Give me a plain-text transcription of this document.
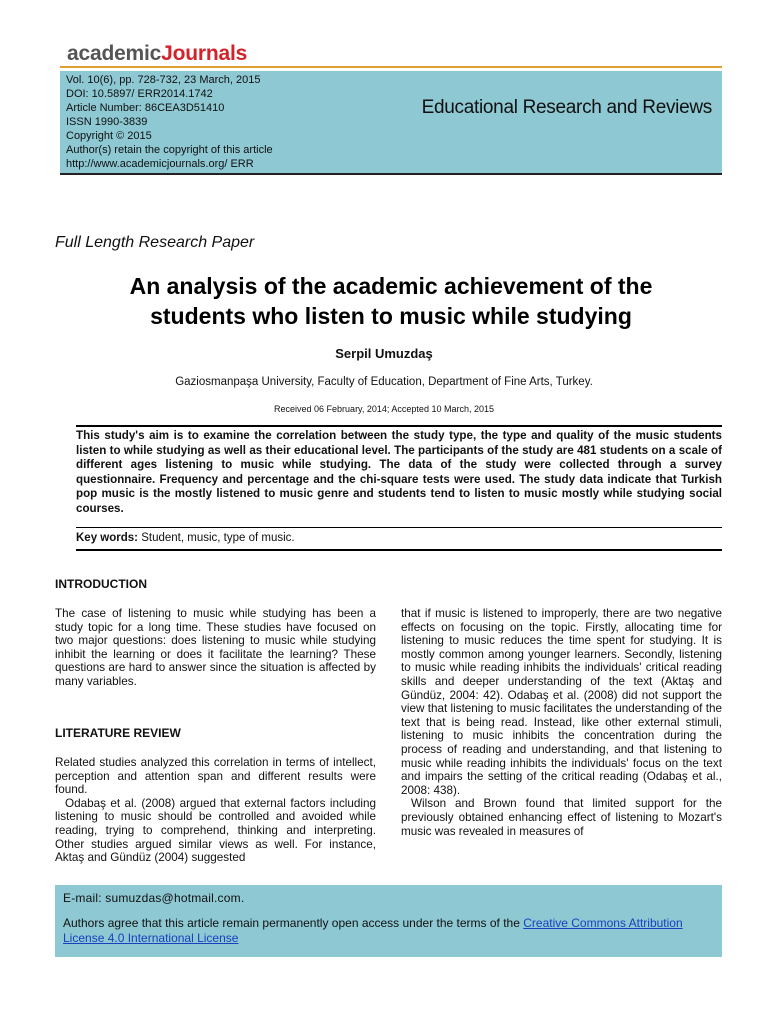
academicJournals
Vol. 10(6), pp. 728-732, 23 March, 2015
DOI: 10.5897/ ERR2014.1742
Article Number: 86CEA3D51410
ISSN 1990-3839
Copyright © 2015
Author(s) retain the copyright of this article
http://www.academicjournals.org/ ERR
Educational Research and Reviews
Full Length Research Paper
An analysis of the academic achievement of the
students who listen to music while studying
Serpil Umuzdaş
Gaziosmanpaşa University, Faculty of Education, Department of Fine Arts, Turkey.
Received 06 February, 2014; Accepted 10 March, 2015
This study's aim is to examine the correlation between the study type, the type and quality of the music students listen to while studying as well as their educational level. The participants of the study are 481 students on a scale of different ages listening to music while studying. The data of the study were collected through a survey questionnaire. Frequency and percentage and the chi-square tests were used. The study data indicate that Turkish pop music is the mostly listened to music genre and students tend to listen to music mostly while studying social courses.
Key words: Student, music, type of music.
INTRODUCTION

The case of listening to music while studying has been a study topic for a long time. These studies have focused on two major questions: does listening to music while studying inhibit the learning or does it facilitate the learning? These questions are hard to answer since the situation is affected by many variables.

LITERATURE REVIEW

Related studies analyzed this correlation in terms of intellect, perception and attention span and different results were found.

Odabaş et al. (2008) argued that external factors including listening to music should be controlled and avoided while reading, trying to comprehend, thinking and interpreting. Other studies argued similar views as well. For instance, Aktaş and Gündüz (2004) suggested

that if music is listened to improperly, there are two negative effects on focusing on the topic. Firstly, allocating time for listening to music reduces the time spent for studying. It is mostly common among younger learners. Secondly, listening to music while reading inhibits the individuals' critical reading skills and deeper understanding of the text (Aktaş and Gündüz, 2004: 42). Odabaş et al. (2008) did not support the view that listening to music facilitates the understanding of the text that is being read. Instead, like other external stimuli, listening to music inhibits the concentration during the process of reading and understanding, and that listening to music while reading inhibits the individuals' focus on the text and impairs the setting of the critical reading (Odabaş et al., 2008: 438).

Wilson and Brown found that limited support for the previously obtained enhancing effect of listening to Mozart's music was revealed in measures of

E-mail: sumuzdas@hotmail.com.
Authors agree that this article remain permanently open access under the terms of the Creative Commons Attribution License 4.0 International License
